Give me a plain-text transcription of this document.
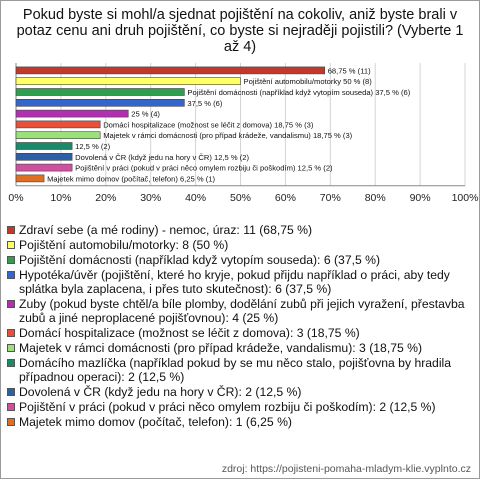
Pokud byste si mohl/a sjednat pojištění na cokoliv, aniž byste brali v
potaz cenu ani druh pojištění, co byste si nejraději pojistili? (Vyberte 1
až 4)
0%	10% 20% 30% 40% 50% 60% 70% 80% 90% 100%
68,75 % (11)
Pojištění automobilu/motorky 50 % (8)
Pojištění domácnosti (například když vytopím souseda) 37,5 % (6)
37,5 % (6)
25 % (4)
Domácí hospitalizace (možnost se léčit z domova) 18,75 % (3)
Majetek v rámci domácnosti (pro případ krádeže, vandalismu) 18,75 % (3)
12,5 % (2)
Dovolená v ČR (když jedu na hory v ČR) 12,5 % (2)
Pojištění v práci (pokud v práci něco omylem rozbiju či poškodím) 12,5 % (2)
Majetek mimo domov (počítač, telefon) 6,25 % (1)
Zdraví sebe (a mé rodiny) - nemoc, úraz: 11 (68,75 %)
Pojištění automobilu/motorky: 8 (50 %)
Pojištění domácnosti (například když vytopím souseda): 6 (37,5 %)
Hypotéka/úvěr (pojištění, které ho kryje, pokud přijdu například o práci, aby tedy splátka byla zaplacena, i přes tuto skutečnost): 6 (37,5 %)
Zuby (pokud byste chtěl/a bíle plomby, dodělání zubů při jejich vyražení, přestavba zubů a jiné neproplacené pojišťovnou): 4 (25 %)
Domácí hospitalizace (možnost se léčit z domova): 3 (18,75 %)
Majetek v rámci domácnosti (pro případ krádeže, vandalismu): 3 (18,75 %)
Domácího mazlíčka (například pokud by se mu něco stalo, pojišťovna by hradila případnou operaci): 2 (12,5 %)
Dovolená v ČR (když jedu na hory v ČR): 2 (12,5 %)
Pojištění v práci (pokud v práci něco omylem rozbiju či poškodím): 2 (12,5 %)
Majetek mimo domov (počítač, telefon): 1 (6,25 %)
zdroj: https://pojisteni-pomaha-mladym-klie.vyplnto.cz
